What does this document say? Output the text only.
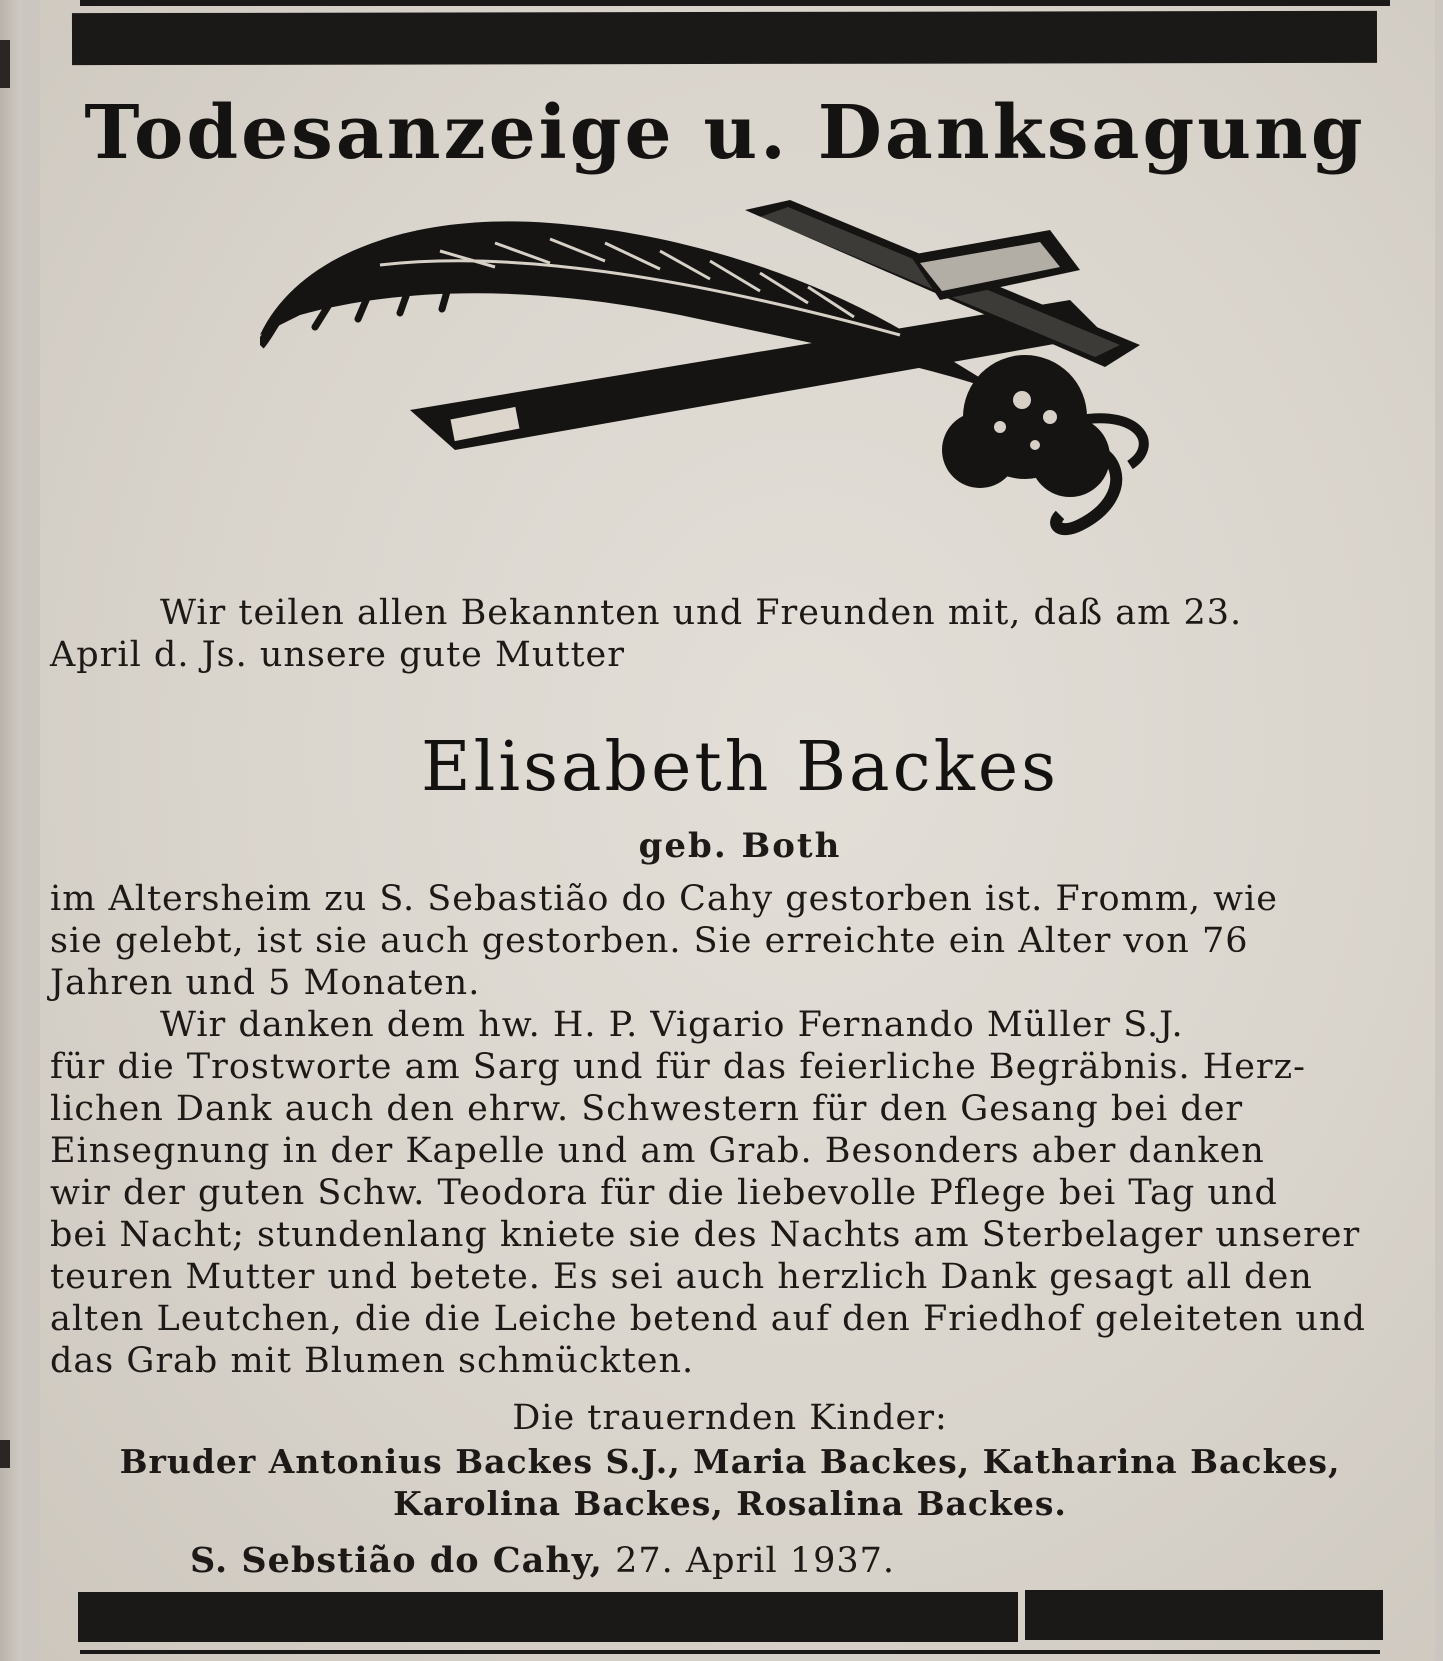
Todesanzeige u. Danksagung
Wir teilen allen Bekannten und Freunden mit, daß am 23.
April d. Js. unsere gute Mutter
Elisabeth Backes
geb. Both
im Altersheim zu S. Sebastião do Cahy gestorben ist. Fromm, wie
sie gelebt, ist sie auch gestorben. Sie erreichte ein Alter von 76
Jahren und 5 Monaten.
Wir danken dem hw. H. P. Vigario Fernando Müller S.J.
für die Trostworte am Sarg und für das feierliche Begräbnis. Herz-
lichen Dank auch den ehrw. Schwestern für den Gesang bei der
Einsegnung in der Kapelle und am Grab. Besonders aber danken
wir der guten Schw. Teodora für die liebevolle Pflege bei Tag und
bei Nacht; stundenlang kniete sie des Nachts am Sterbelager unserer
teuren Mutter und betete. Es sei auch herzlich Dank gesagt all den
alten Leutchen, die die Leiche betend auf den Friedhof geleiteten und
das Grab mit Blumen schmückten.
Die trauernden Kinder:
Bruder Antonius Backes S.J., Maria Backes, Katharina Backes,
Karolina Backes, Rosalina Backes.
S. Sebstião do Cahy, 27. April 1937.
